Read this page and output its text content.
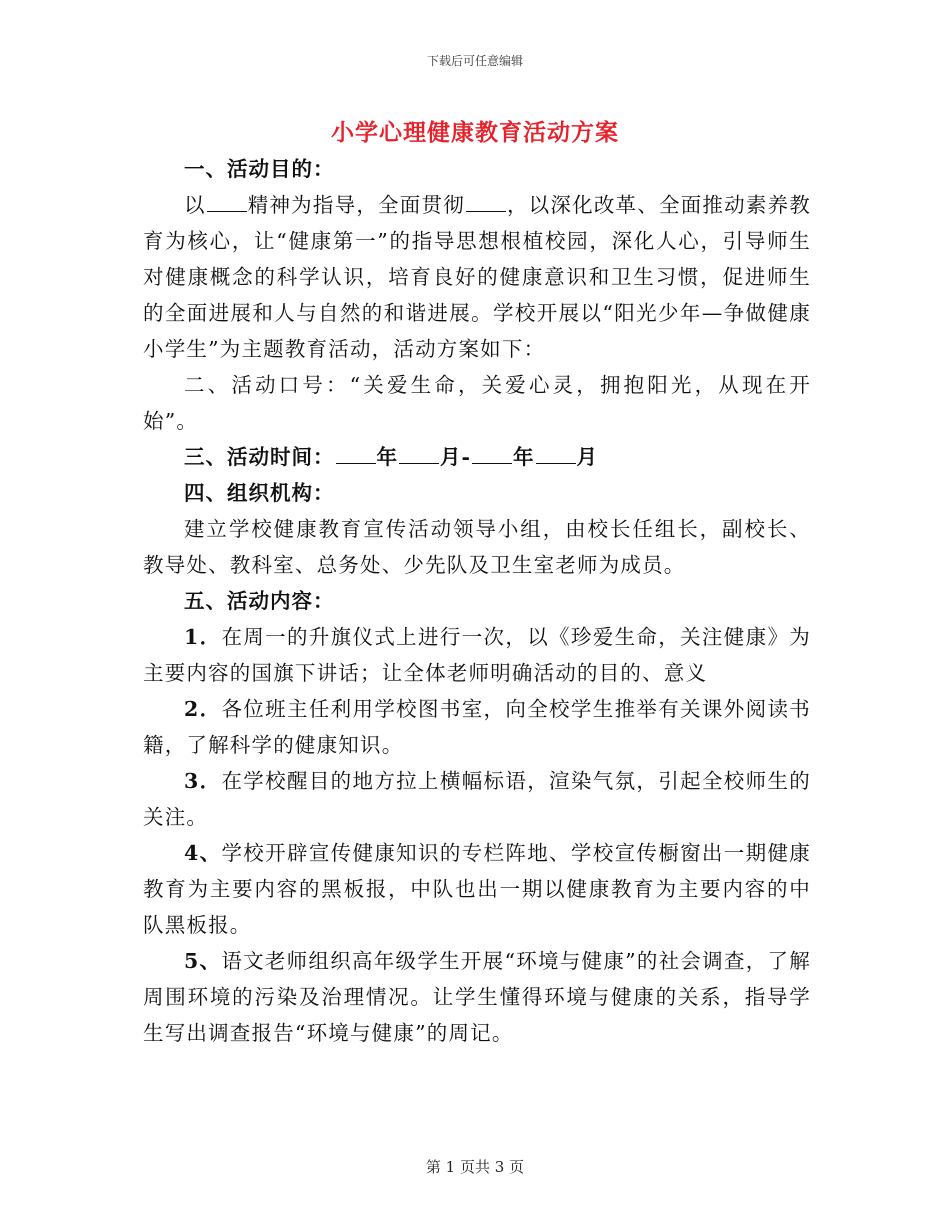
下载后可任意编辑
小学心理健康教育活动方案

一、活动目的：

以 精神为指导，全面贯彻 ，以深化改革、全面推动素养教育为核心，让“健康第一”的指导思想根植校园，深化人心，引导师生对健康概念的科学认识，培育良好的健康意识和卫生习惯，促进师生的全面进展和人与自然的和谐进展。学校开展以“阳光少年—争做健康小学生”为主题教育活动，活动方案如下：

二、活动口号：“关爱生命，关爱心灵，拥抱阳光，从现在开始”。

三、活动时间： 年 月- 年 月

四、组织机构：

建立学校健康教育宣传活动领导小组，由校长任组长，副校长、教导处、教科室、总务处、少先队及卫生室老师为成员。

五、活动内容：

1．在周一的升旗仪式上进行一次，以《珍爱生命，关注健康》为主要内容的国旗下讲话；让全体老师明确活动的目的、意义

2．各位班主任利用学校图书室，向全校学生推举有关课外阅读书籍，了解科学的健康知识。

3．在学校醒目的地方拉上横幅标语，渲染气氛，引起全校师生的关注。

4、学校开辟宣传健康知识的专栏阵地、学校宣传橱窗出一期健康教育为主要内容的黑板报，中队也出一期以健康教育为主要内容的中队黑板报。

5、语文老师组织高年级学生开展“环境与健康”的社会调查，了解周围环境的污染及治理情况。让学生懂得环境与健康的关系，指导学生写出调查报告“环境与健康”的周记。

第 1 页共 3 页
